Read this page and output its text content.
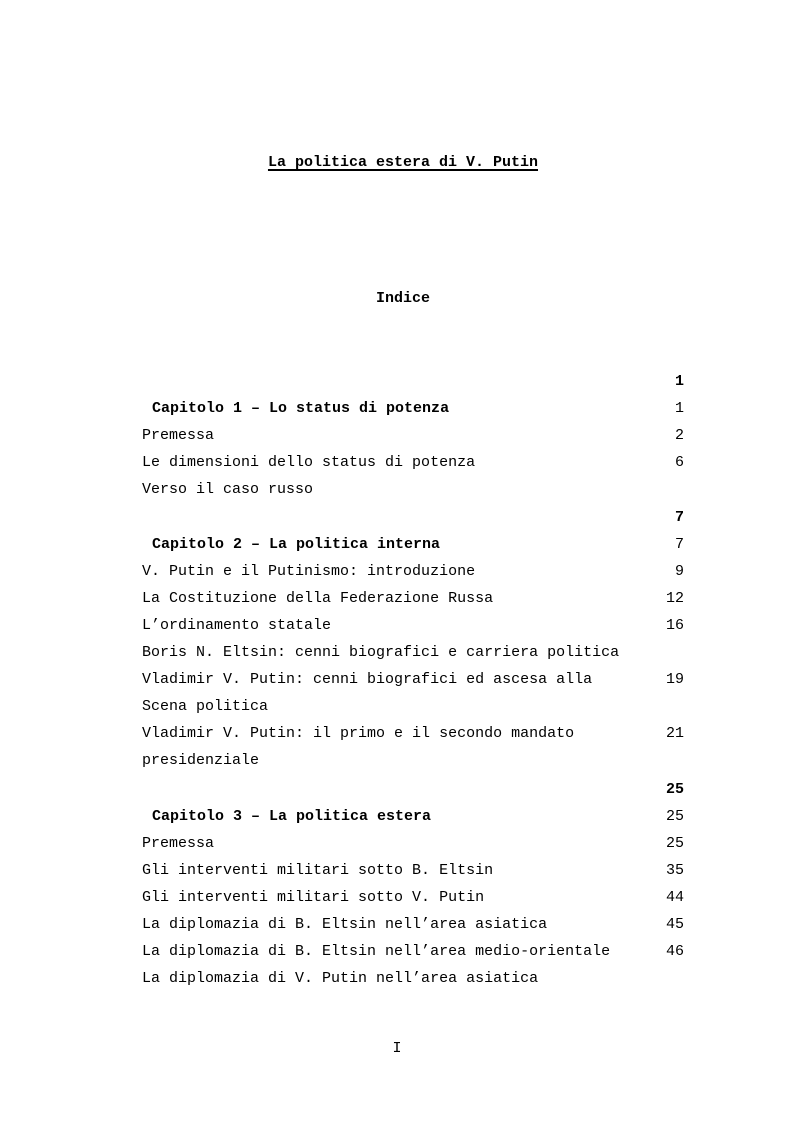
La politica estera di V. Putin
Indice

Capitolo 1 – Lo status di potenza

1

Premessa

1

Le dimensioni dello status di potenza

2

Verso il caso russo

6

Capitolo 2 – La politica interna

7

V. Putin e il Putinismo: introduzione

7

La Costituzione della Federazione Russa

9

L’ordinamento statale

12

Boris N. Eltsin: cenni biografici e carriera politica

16

Vladimir V. Putin: cenni biografici ed ascesa alla

Scena politica

19

Vladimir V. Putin: il primo e il secondo mandato

presidenziale

21

Capitolo 3 – La politica estera

25

Premessa

25

Gli interventi militari sotto B. Eltsin

25

Gli interventi militari sotto V. Putin

35

La diplomazia di B. Eltsin nell’area asiatica

44

La diplomazia di B. Eltsin nell’area medio-orientale

45

La diplomazia di V. Putin nell’area asiatica

46

I
